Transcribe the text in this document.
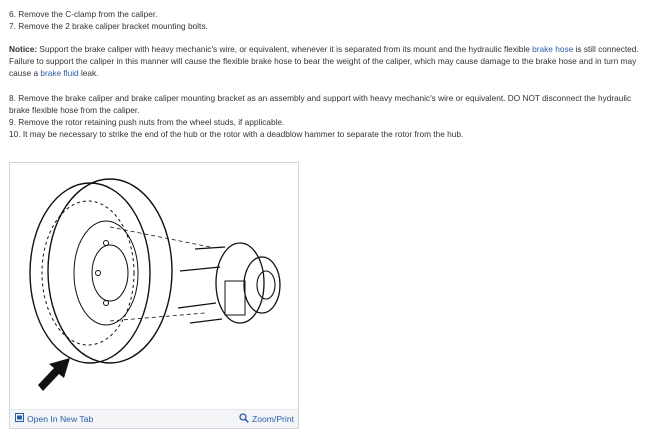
6. Remove the C-clamp from the caliper.
7. Remove the 2 brake caliper bracket mounting bolts.
Notice: Support the brake caliper with heavy mechanic's wire, or equivalent, whenever it is separated from its mount and the hydraulic flexible brake hose is still connected.
Failure to support the caliper in this manner will cause the flexible brake hose to bear the weight of the caliper, which may cause damage to the brake hose and in turn may
cause a brake fluid leak.
8. Remove the brake caliper and brake caliper mounting bracket as an assembly and support with heavy mechanic's wire or equivalent. DO NOT disconnect the hydraulic
brake flexible hose from the caliper.
9. Remove the rotor retaining push nuts from the wheel studs, if applicable.
10. It may be necessary to strike the end of the hub or the rotor with a deadblow hammer to separate the rotor from the hub.
Open In New Tab	Zoom/Print
